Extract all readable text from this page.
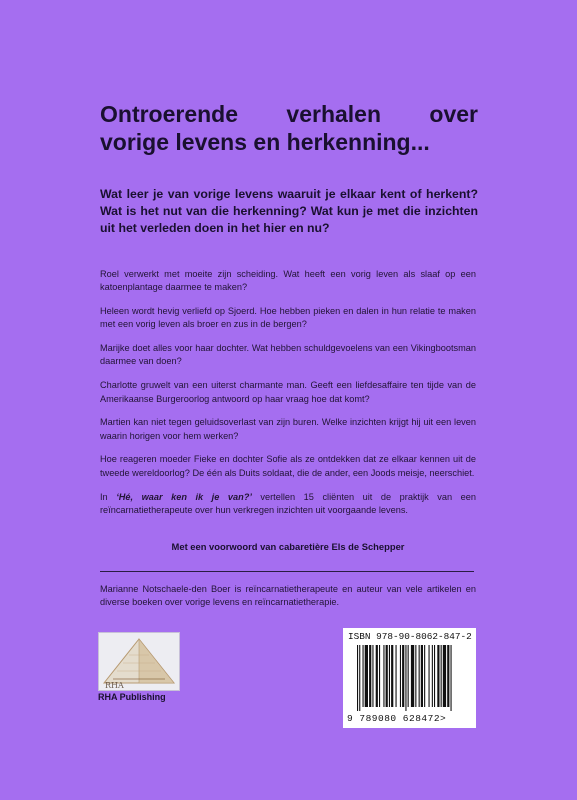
Ontroerende verhalen over
vorige levens en herkenning...
Wat leer je van vorige levens waaruit je elkaar kent of herkent? Wat is het nut van die herkenning? Wat kun je met die inzichten uit het verleden doen in het hier en nu?

Roel verwerkt met moeite zijn scheiding. Wat heeft een vorig leven als slaaf op een katoenplantage daarmee te maken?

Heleen wordt hevig verliefd op Sjoerd. Hoe hebben pieken en dalen in hun relatie te maken met een vorig leven als broer en zus in de bergen?

Marijke doet alles voor haar dochter. Wat hebben schuldgevoelens van een Vikingbootsman daarmee van doen?

Charlotte gruwelt van een uiterst charmante man. Geeft een liefdesaffaire ten tijde van de Amerikaanse Burgeroorlog antwoord op haar vraag hoe dat komt?

Martien kan niet tegen geluidsoverlast van zijn buren. Welke inzichten krijgt hij uit een leven waarin horigen voor hem werken?

Hoe reageren moeder Fieke en dochter Sofie als ze ontdekken dat ze elkaar kennen uit de tweede wereldoorlog? De één als Duits soldaat, die de ander, een Joods meisje, neerschiet.

In ‘Hé, waar ken ik je van?’ vertellen 15 cliënten uit de praktijk van een reïncarnatietherapeute over hun verkregen inzichten uit voorgaande levens.

Met een voorwoord van cabaretière Els de Schepper
Marianne Notschaele-den Boer is reïncarnatietherapeute en auteur van vele artikelen en diverse boeken over vorige levens en reïncarnatietherapie.
RHA
RHA Publishing
ISBN 978-90-8062-847-2
9 789080 628472>
